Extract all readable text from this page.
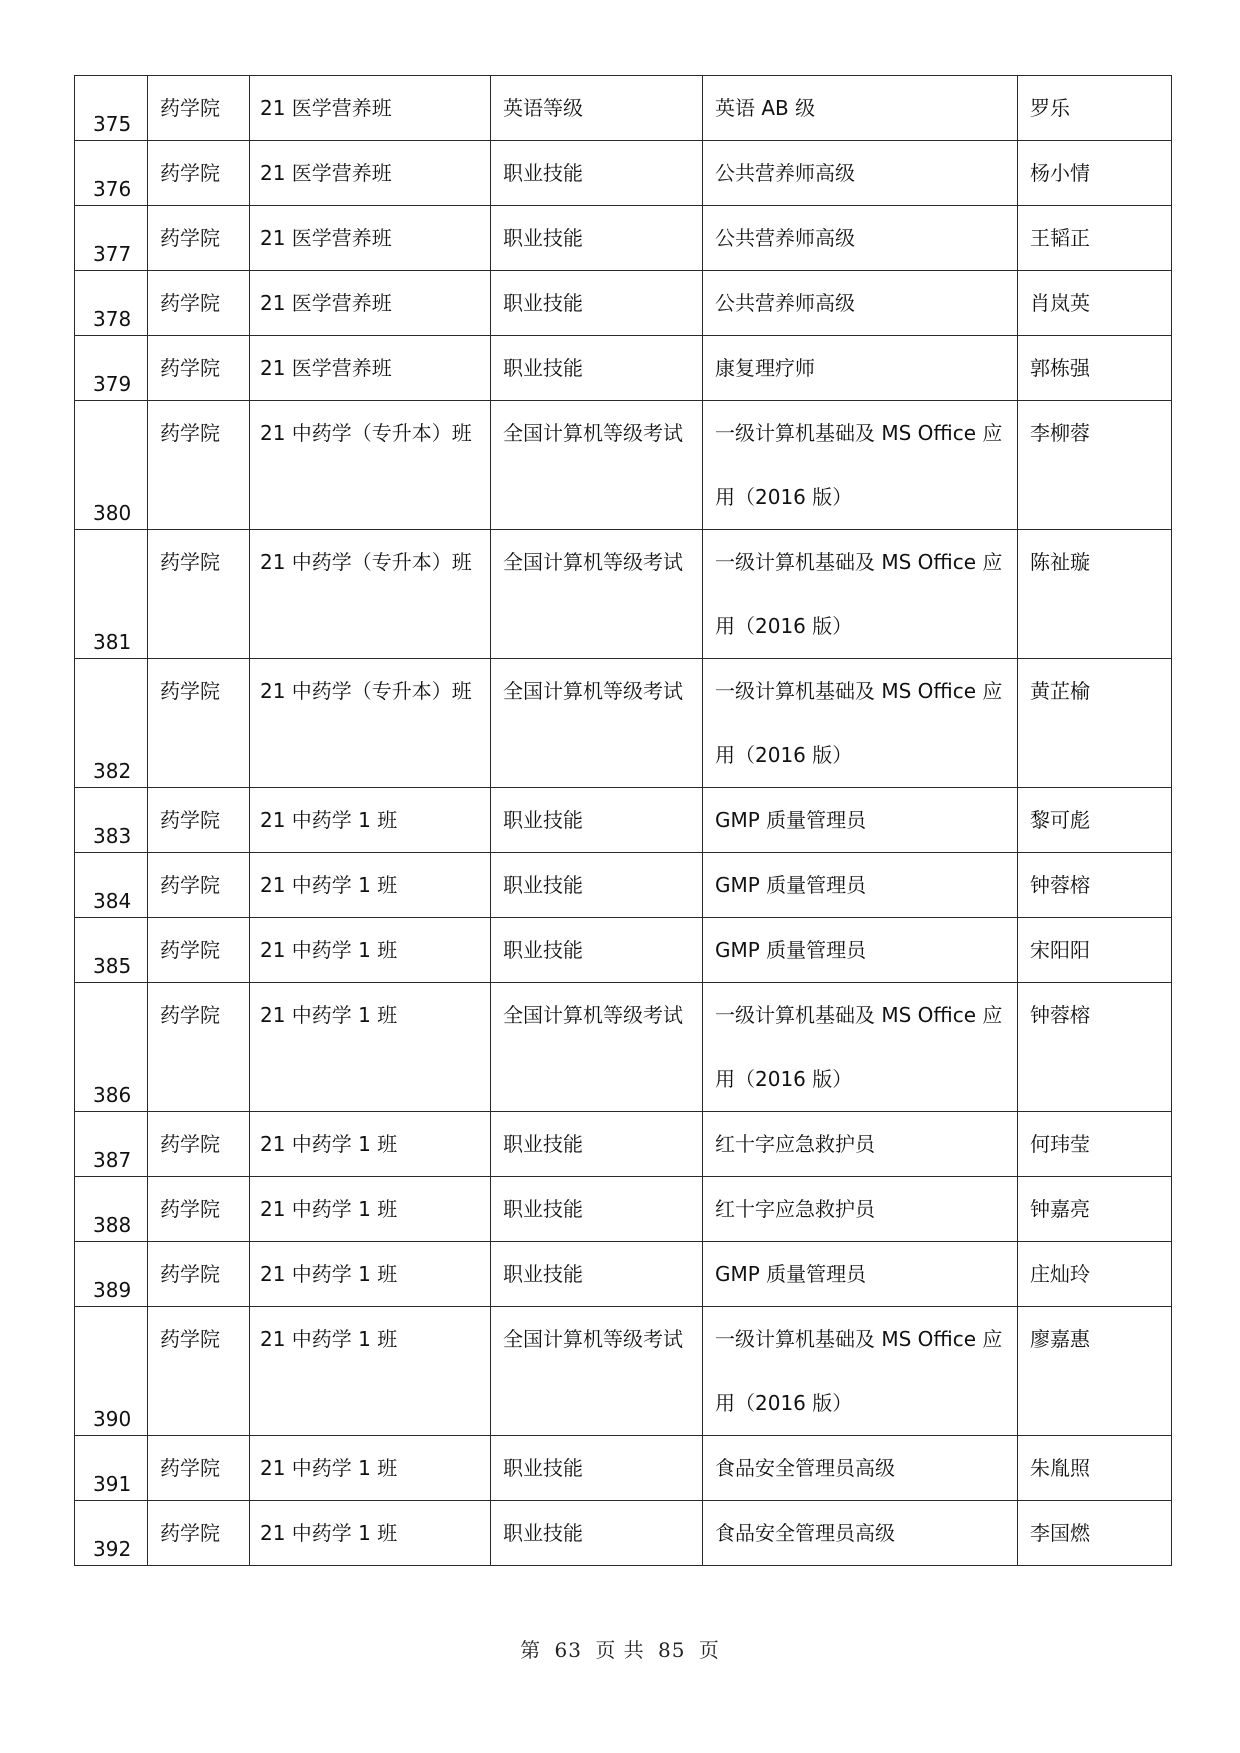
375	药学院	21 医学营养班	英语等级	英语 AB 级	罗乐
376	药学院	21 医学营养班	职业技能	公共营养师高级	杨小情
377	药学院	21 医学营养班	职业技能	公共营养师高级	王韬正
378	药学院	21 医学营养班	职业技能	公共营养师高级	肖岚英
379	药学院	21 医学营养班	职业技能	康复理疗师	郭栋强
380	药学院	21 中药学（专升本）班	全国计算机等级考试	一级计算机基础及 MS Office 应
用（2016 版）	李柳蓉
381	药学院	21 中药学（专升本）班	全国计算机等级考试	一级计算机基础及 MS Office 应
用（2016 版）	陈祉璇
382	药学院	21 中药学（专升本）班	全国计算机等级考试	一级计算机基础及 MS Office 应
用（2016 版）	黄芷榆
383	药学院	21 中药学 1 班	职业技能	GMP 质量管理员	黎可彪
384	药学院	21 中药学 1 班	职业技能	GMP 质量管理员	钟蓉榕
385	药学院	21 中药学 1 班	职业技能	GMP 质量管理员	宋阳阳
386	药学院	21 中药学 1 班	全国计算机等级考试	一级计算机基础及 MS Office 应
用（2016 版）	钟蓉榕
387	药学院	21 中药学 1 班	职业技能	红十字应急救护员	何玮莹
388	药学院	21 中药学 1 班	职业技能	红十字应急救护员	钟嘉亮
389	药学院	21 中药学 1 班	职业技能	GMP 质量管理员	庄灿玲
390	药学院	21 中药学 1 班	全国计算机等级考试	一级计算机基础及 MS Office 应
用（2016 版）	廖嘉惠
391	药学院	21 中药学 1 班	职业技能	食品安全管理员高级	朱胤照
392	药学院	21 中药学 1 班	职业技能	食品安全管理员高级	李国燃
第 63 页 共 85 页
